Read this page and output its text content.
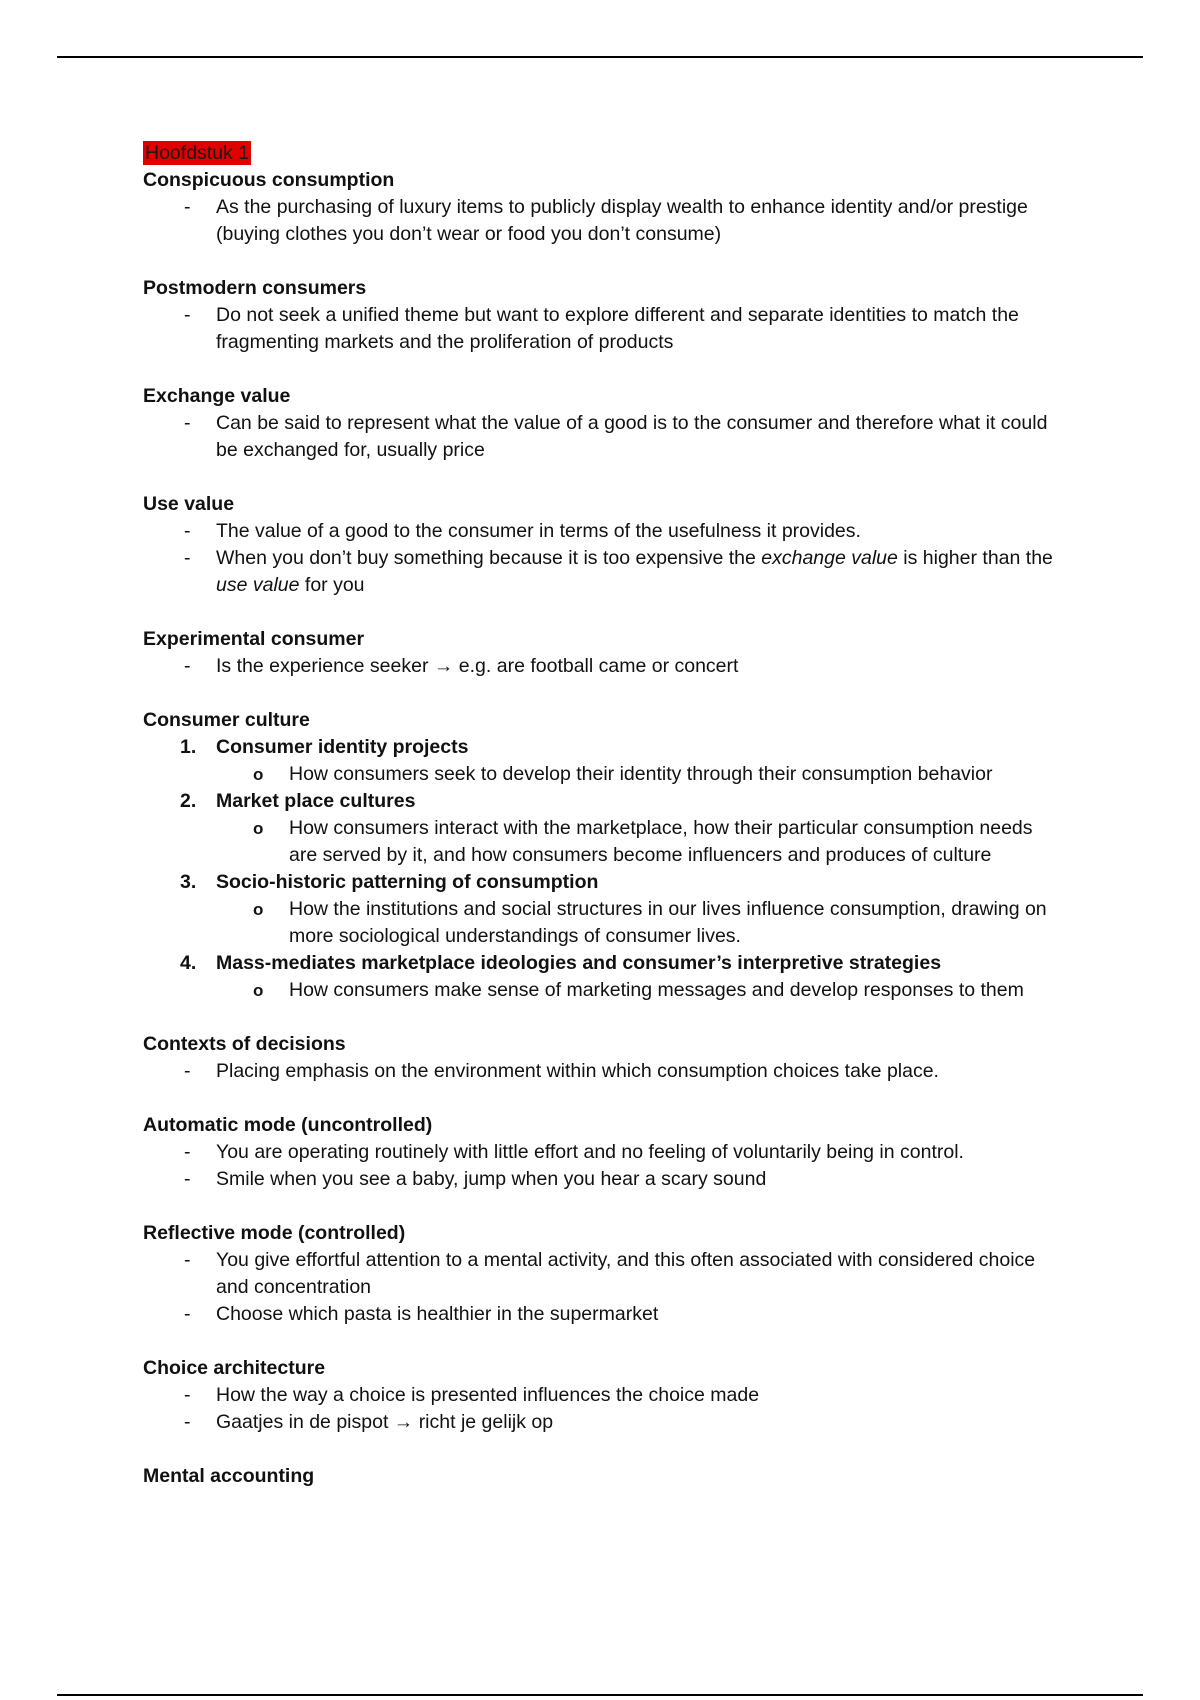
Hoofdstuk 1
Conspicuous consumption
-	As the purchasing of luxury items to publicly display wealth to enhance identity and/or prestige (buying clothes you don’t wear or food you don’t consume)
Postmodern consumers
-	Do not seek a unified theme but want to explore different and separate identities to match the fragmenting markets and the proliferation of products
Exchange value
-	Can be said to represent what the value of a good is to the consumer and therefore what it could be exchanged for, usually price
Use value
-	The value of a good to the consumer in terms of the usefulness it provides.
-	When you don’t buy something because it is too expensive the exchange value is higher than the use value for you
Experimental consumer
-	Is the experience seeker → e.g. are football came or concert
Consumer culture
1.	Consumer identity projects
o	How consumers seek to develop their identity through their consumption behavior
2.	Market place cultures
o	How consumers interact with the marketplace, how their particular consumption needs are served by it, and how consumers become influencers and produces of culture
3.	Socio-historic patterning of consumption
o	How the institutions and social structures in our lives influence consumption, drawing on more sociological understandings of consumer lives.
4.	Mass-mediates marketplace ideologies and consumer’s interpretive strategies
o	How consumers make sense of marketing messages and develop responses to them
Contexts of decisions
-	Placing emphasis on the environment within which consumption choices take place.
Automatic mode (uncontrolled)
-	You are operating routinely with little effort and no feeling of voluntarily being in control.
-	Smile when you see a baby, jump when you hear a scary sound
Reflective mode (controlled)
-	You give effortful attention to a mental activity, and this often associated with considered choice and concentration
-	Choose which pasta is healthier in the supermarket
Choice architecture
-	How the way a choice is presented influences the choice made
-	Gaatjes in de pispot → richt je gelijk op
Mental accounting
